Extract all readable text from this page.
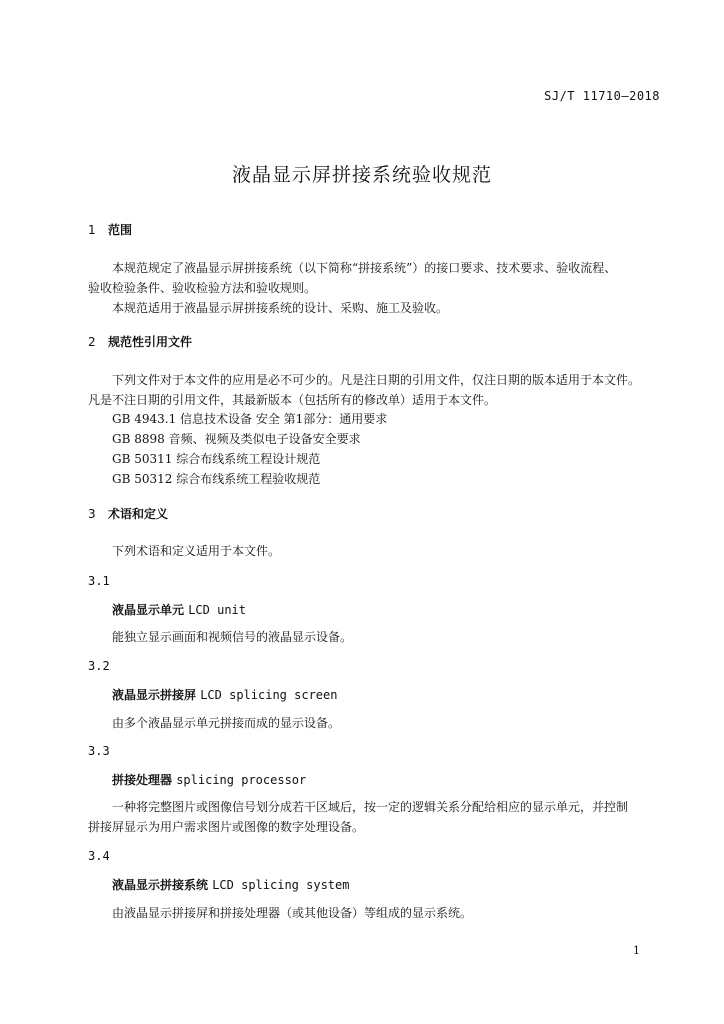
SJ/T 11710—2018
液晶显示屏拼接系统验收规范
1 范围
本规范规定了液晶显示屏拼接系统（以下简称“拼接系统”）的接口要求、技术要求、验收流程、
验收检验条件、验收检验方法和验收规则。
本规范适用于液晶显示屏拼接系统的设计、采购、施工及验收。
2 规范性引用文件
下列文件对于本文件的应用是必不可少的。凡是注日期的引用文件，仅注日期的版本适用于本文件。
凡是不注日期的引用文件，其最新版本（包括所有的修改单）适用于本文件。
GB 4943.1 信息技术设备 安全 第1部分：通用要求
GB 8898 音频、视频及类似电子设备安全要求
GB 50311 综合布线系统工程设计规范
GB 50312 综合布线系统工程验收规范
3 术语和定义
下列术语和定义适用于本文件。
3.1
液晶显示单元 LCD unit
能独立显示画面和视频信号的液晶显示设备。
3.2
液晶显示拼接屏 LCD splicing screen
由多个液晶显示单元拼接而成的显示设备。
3.3
拼接处理器 splicing processor
一种将完整图片或图像信号划分成若干区域后，按一定的逻辑关系分配给相应的显示单元，并控制
拼接屏显示为用户需求图片或图像的数字处理设备。
3.4
液晶显示拼接系统 LCD splicing system
由液晶显示拼接屏和拼接处理器（或其他设备）等组成的显示系统。
1
